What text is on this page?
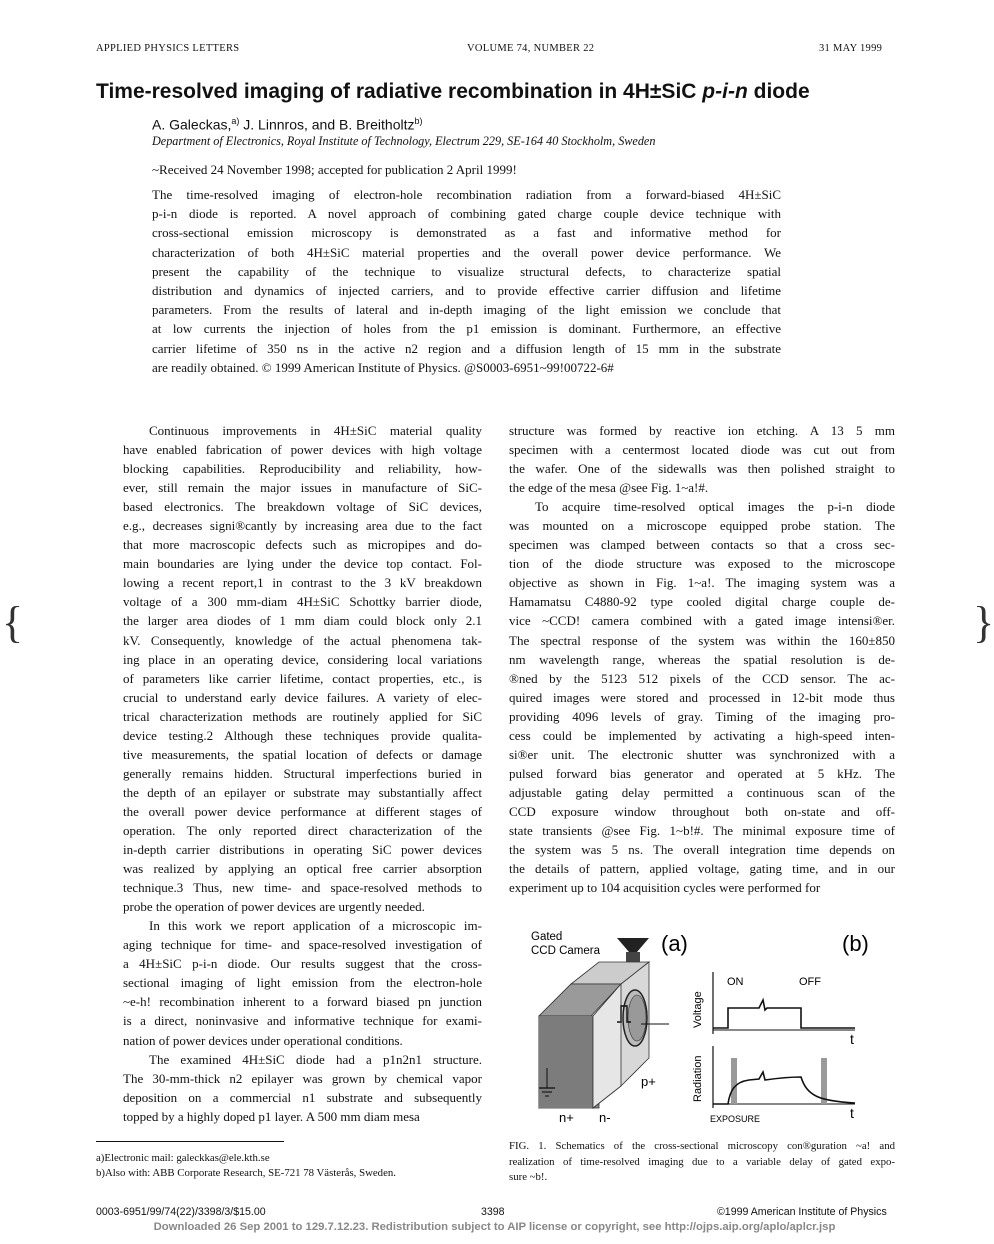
APPLIED PHYSICS LETTERS	VOLUME 74, NUMBER 22	31 MAY 1999
Time-resolved imaging of radiative recombination in 4H±SiC p-i-n diode
A. Galeckas,$^{a)}$ J. Linnros, and B. Breitholtz$^{b)}$
Department of Electronics, Royal Institute of Technology, Electrum 229, SE-164 40 Stockholm, Sweden
~Received 24 November 1998; accepted for publication 2 April 1999!
The time-resolved imaging of electron-hole recombination radiation from a forward-biased 4H±SiC
p-i-n diode is reported. A novel approach of combining gated charge couple device technique with
cross-sectional emission microscopy is demonstrated as a fast and informative method for
characterization of both 4H±SiC material properties and the overall power device performance. We
present the capability of the technique to visualize structural defects, to characterize spatial
distribution and dynamics of injected carriers, and to provide effective carrier diffusion and lifetime
parameters. From the results of lateral and in-depth imaging of the light emission we conclude that
at low currents the injection of holes from the p1 emission is dominant. Furthermore, an effective
carrier lifetime of 350 ns in the active n2 region and a diffusion length of 15 mm in the substrate
are readily obtained. © 1999 American Institute of Physics. @S0003-6951~99!00722-6#
{	}
Continuous improvements in 4H±SiC material quality
have enabled fabrication of power devices with high voltage
blocking capabilities. Reproducibility and reliability, how-
ever, still remain the major issues in manufacture of SiC-
based electronics. The breakdown voltage of SiC devices,
e.g., decreases signi®cantly by increasing area due to the fact
that more macroscopic defects such as micropipes and do-
main boundaries are lying under the device top contact. Fol-
lowing a recent report,1 in contrast to the 3 kV breakdown
voltage of a 300 mm-diam 4H±SiC Schottky barrier diode,
the larger area diodes of 1 mm diam could block only 2.1
kV. Consequently, knowledge of the actual phenomena tak-
ing place in an operating device, considering local variations
of parameters like carrier lifetime, contact properties, etc., is
crucial to understand early device failures. A variety of elec-
trical characterization methods are routinely applied for SiC
device testing.2 Although these techniques provide qualita-
tive measurements, the spatial location of defects or damage
generally remains hidden. Structural imperfections buried in
the depth of an epilayer or substrate may substantially affect
the overall power device performance at different stages of
operation. The only reported direct characterization of the
in-depth carrier distributions in operating SiC power devices
was realized by applying an optical free carrier absorption
technique.3 Thus, new time- and space-resolved methods to
probe the operation of power devices are urgently needed.
In this work we report application of a microscopic im-
aging technique for time- and space-resolved investigation of
a 4H±SiC p-i-n diode. Our results suggest that the cross-
sectional imaging of light emission from the electron-hole
~e-h! recombination inherent to a forward biased pn junction
is a direct, noninvasive and informative technique for exami-
nation of power devices under operational conditions.
The examined 4H±SiC diode had a p1n2n1 structure.
The 30-mm-thick n2 epilayer was grown by chemical vapor
deposition on a commercial n1 substrate and subsequently
topped by a highly doped p1 layer. A 500 mm diam mesa
structure was formed by reactive ion etching. A 13 5 mm
specimen with a centermost located diode was cut out from
the wafer. One of the sidewalls was then polished straight to
the edge of the mesa @see Fig. 1~a!#.
To acquire time-resolved optical images the p-i-n diode
was mounted on a microscope equipped probe station. The
specimen was clamped between contacts so that a cross sec-
tion of the diode structure was exposed to the microscope
objective as shown in Fig. 1~a!. The imaging system was a
Hamamatsu C4880-92 type cooled digital charge couple de-
vice ~CCD! camera combined with a gated image intensi®er.
The spectral response of the system was within the 160±850
nm wavelength range, whereas the spatial resolution is de-
®ned by the 5123 512 pixels of the CCD sensor. The ac-
quired images were stored and processed in 12-bit mode thus
providing 4096 levels of gray. Timing of the imaging pro-
cess could be implemented by activating a high-speed inten-
si®er unit. The electronic shutter was synchronized with a
pulsed forward bias generator and operated at 5 kHz. The
adjustable gating delay permitted a continuous scan of the
CCD exposure window throughout both on-state and off-
state transients @see Fig. 1~b!#. The minimal exposure time of
the system was 5 ns. The overall integration time depends on
the details of pattern, applied voltage, gating time, and in our
experiment up to 104 acquisition cycles were performed for
Gated
CCD Camera	(a)	(b)
p+
n+ n-
Voltage
ON	OFF
t
Radiation
EXPOSURE	t
FIG. 1. Schematics of the cross-sectional microscopy con®guration ~a! and
realization of time-resolved imaging due to a variable delay of gated expo-
sure ~b!.
a)Electronic mail: galeckkas@ele.kth.se
b)Also with: ABB Corporate Research, SE-721 78 Västerås, Sweden.
0003-6951/99/74(22)/3398/3/$15.00	3398	©1999 American Institute of Physics
Downloaded 26 Sep 2001 to 129.7.12.23. Redistribution subject to AIP license or copyright, see http://ojps.aip.org/aplo/aplcr.jsp
